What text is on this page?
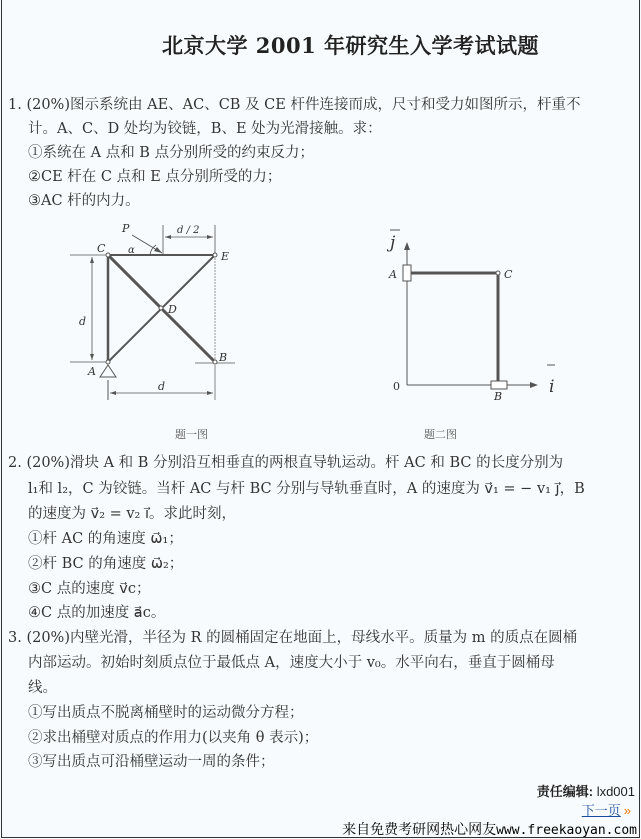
北京大学 2001 年研究生入学考试试题
1. (20%)图示系统由 AE、AC、CB 及 CE 杆件连接而成，尺寸和受力如图所示，杆重不
计。A、C、D 处均为铰链，B、E 处为光滑接触。求：
①系统在 A 点和 B 点分别所受的约束反力；
②CE 杆在 C 点和 E 点分别所受的力；
③AC 杆的内力。
P
α
d / 2
C
E
D
A
B
d
d
j
i
A	C
B
0
题一图	题二图
2. (20%)滑块 A 和 B 分别沿互相垂直的两根直导轨运动。杆 AC 和 BC 的长度分别为
l₁和 l₂，C 为铰链。当杆 AC 与杆 BC 分别与导轨垂直时，A 的速度为 v⃗₁ = − v₁ j⃗，B
的速度为 v⃗₂ = v₂ i⃗。求此时刻，
①杆 AC 的角速度 ω⃗₁；
②杆 BC 的角速度 ω⃗₂；
③C 点的速度 v⃗c；
④C 点的加速度 a⃗c。
3. (20%)内壁光滑，半径为 R 的圆桶固定在地面上，母线水平。质量为 m 的质点在圆桶
内部运动。初始时刻质点位于最低点 A，速度大小于 v₀。水平向右，垂直于圆桶母
线。
①写出质点不脱离桶壁时的运动微分方程；
②求出桶壁对质点的作用力(以夹角 θ 表示)；
③写出质点可沿桶壁运动一周的条件；
责任编辑: lxd001
下一页 »
来自免费考研网热心网友www.freekaoyan.com
